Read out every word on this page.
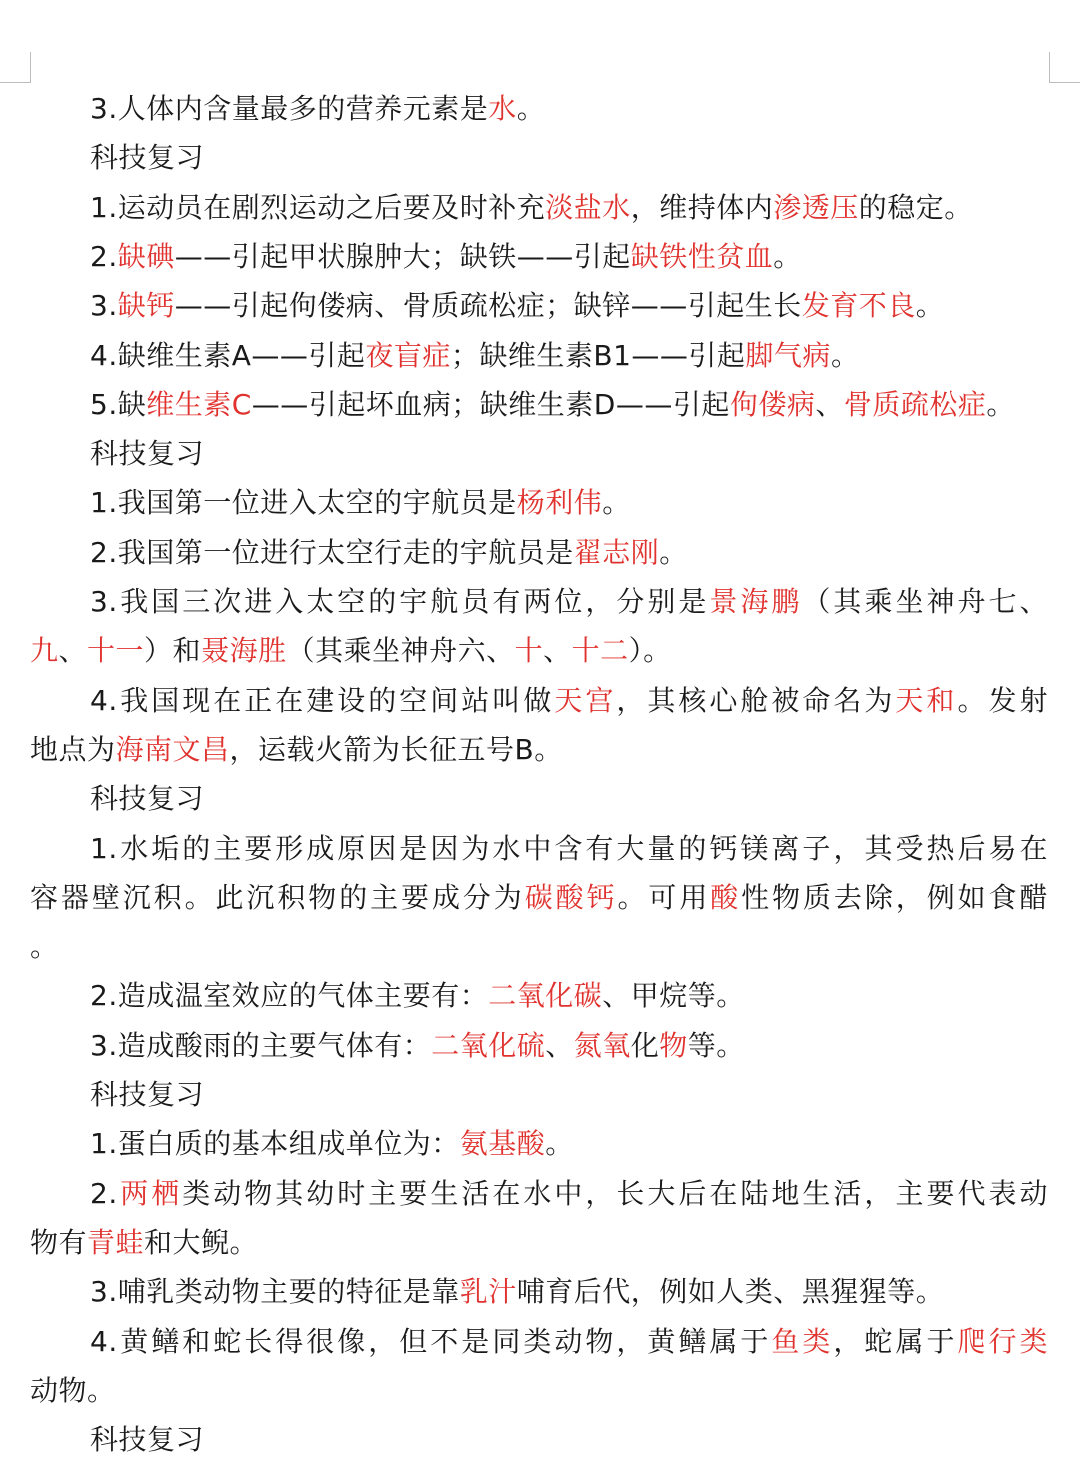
3.人体内含量最多的营养元素是水。
科技复习
1.运动员在剧烈运动之后要及时补充淡盐水，维持体内渗透压的稳定。
2.缺碘——引起甲状腺肿大；缺铁——引起缺铁性贫血。
3.缺钙——引起佝偻病、骨质疏松症；缺锌——引起生长发育不良。
4.缺维生素A——引起夜盲症；缺维生素B1——引起脚气病。
5.缺维生素C——引起坏血病；缺维生素D——引起佝偻病、骨质疏松症。
科技复习
1.我国第一位进入太空的宇航员是杨利伟。
2.我国第一位进行太空行走的宇航员是翟志刚。
3.我国三次进入太空的宇航员有两位，分别是景海鹏（其乘坐神舟七、
九、十一）和聂海胜（其乘坐神舟六、十、十二）。
4.我国现在正在建设的空间站叫做天宫，其核心舱被命名为天和。发射
地点为海南文昌，运载火箭为长征五号B。
科技复习
1.水垢的主要形成原因是因为水中含有大量的钙镁离子，其受热后易在
容器壁沉积。此沉积物的主要成分为碳酸钙。可用酸性物质去除，例如食醋
。
2.造成温室效应的气体主要有：二氧化碳、甲烷等。
3.造成酸雨的主要气体有：二氧化硫、氮氧化物等。
科技复习
1.蛋白质的基本组成单位为：氨基酸。
2.两栖类动物其幼时主要生活在水中，长大后在陆地生活，主要代表动
物有青蛙和大鲵。
3.哺乳类动物主要的特征是靠乳汁哺育后代，例如人类、黑猩猩等。
4.黄鳝和蛇长得很像，但不是同类动物，黄鳝属于鱼类，蛇属于爬行类
动物。
科技复习
